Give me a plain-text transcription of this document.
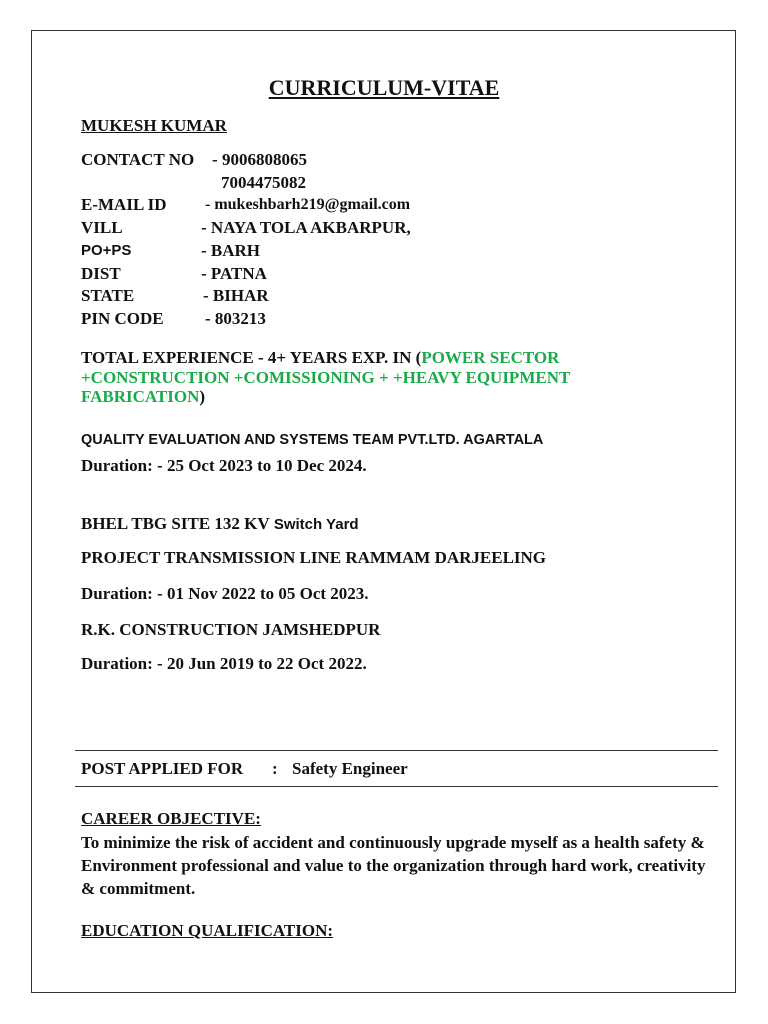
CURRICULUM-VITAE
MUKESH KUMAR
CONTACT NO - 9006808065
7004475082
E-MAIL ID - mukeshbarh219@gmail.com
VILL	- NAYA TOLA AKBARPUR,
PO+PS	- BARH
DIST	- PATNA
STATE	- BIHAR
PIN CODE - 803213
TOTAL EXPERIENCE - 4+ YEARS EXP. IN (POWER SECTOR
+CONSTRUCTION +COMISSIONING + +HEAVY EQUIPMENT
FABRICATION)
QUALITY EVALUATION AND SYSTEMS TEAM PVT.LTD. AGARTALA
Duration: - 25 Oct 2023 to 10 Dec 2024.
BHEL TBG SITE 132 KV Switch Yard
PROJECT TRANSMISSION LINE RAMMAM DARJEELING
Duration: - 01 Nov 2022 to 05 Oct 2023.
R.K. CONSTRUCTION JAMSHEDPUR
Duration: - 20 Jun 2019 to 22 Oct 2022.
POST APPLIED FOR : Safety Engineer
CAREER OBJECTIVE:
To minimize the risk of accident and continuously upgrade myself as a health safety & Environment professional and value to the organization through hard work, creativity & commitment.
EDUCATION QUALIFICATION:
